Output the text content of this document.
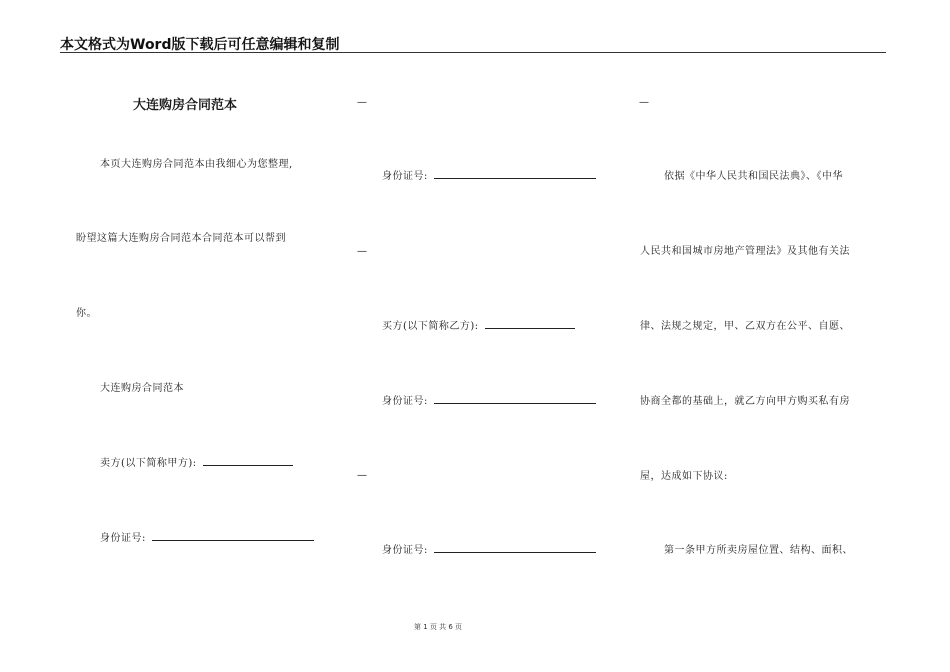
本文格式为Word版下载后可任意编辑和复制
大连购房合同范本
本页大连购房合同范本由我细心为您整理,
盼望这篇大连购房合同范本合同范本可以帮到
你。
大连购房合同范本
卖方(以下简称甲方):
身份证号:
—
身份证号:
—
买方(以下简称乙方):
身份证号:
—
身份证号:
—
依据《中华人民共和国民法典》、《中华
人民共和国城市房地产管理法》及其他有关法
律、法规之规定，甲、乙双方在公平、自愿、
协商全都的基础上，就乙方向甲方购买私有房
屋，达成如下协议:
第一条甲方所卖房屋位置、结构、面积、
第 1 页 共 6 页
